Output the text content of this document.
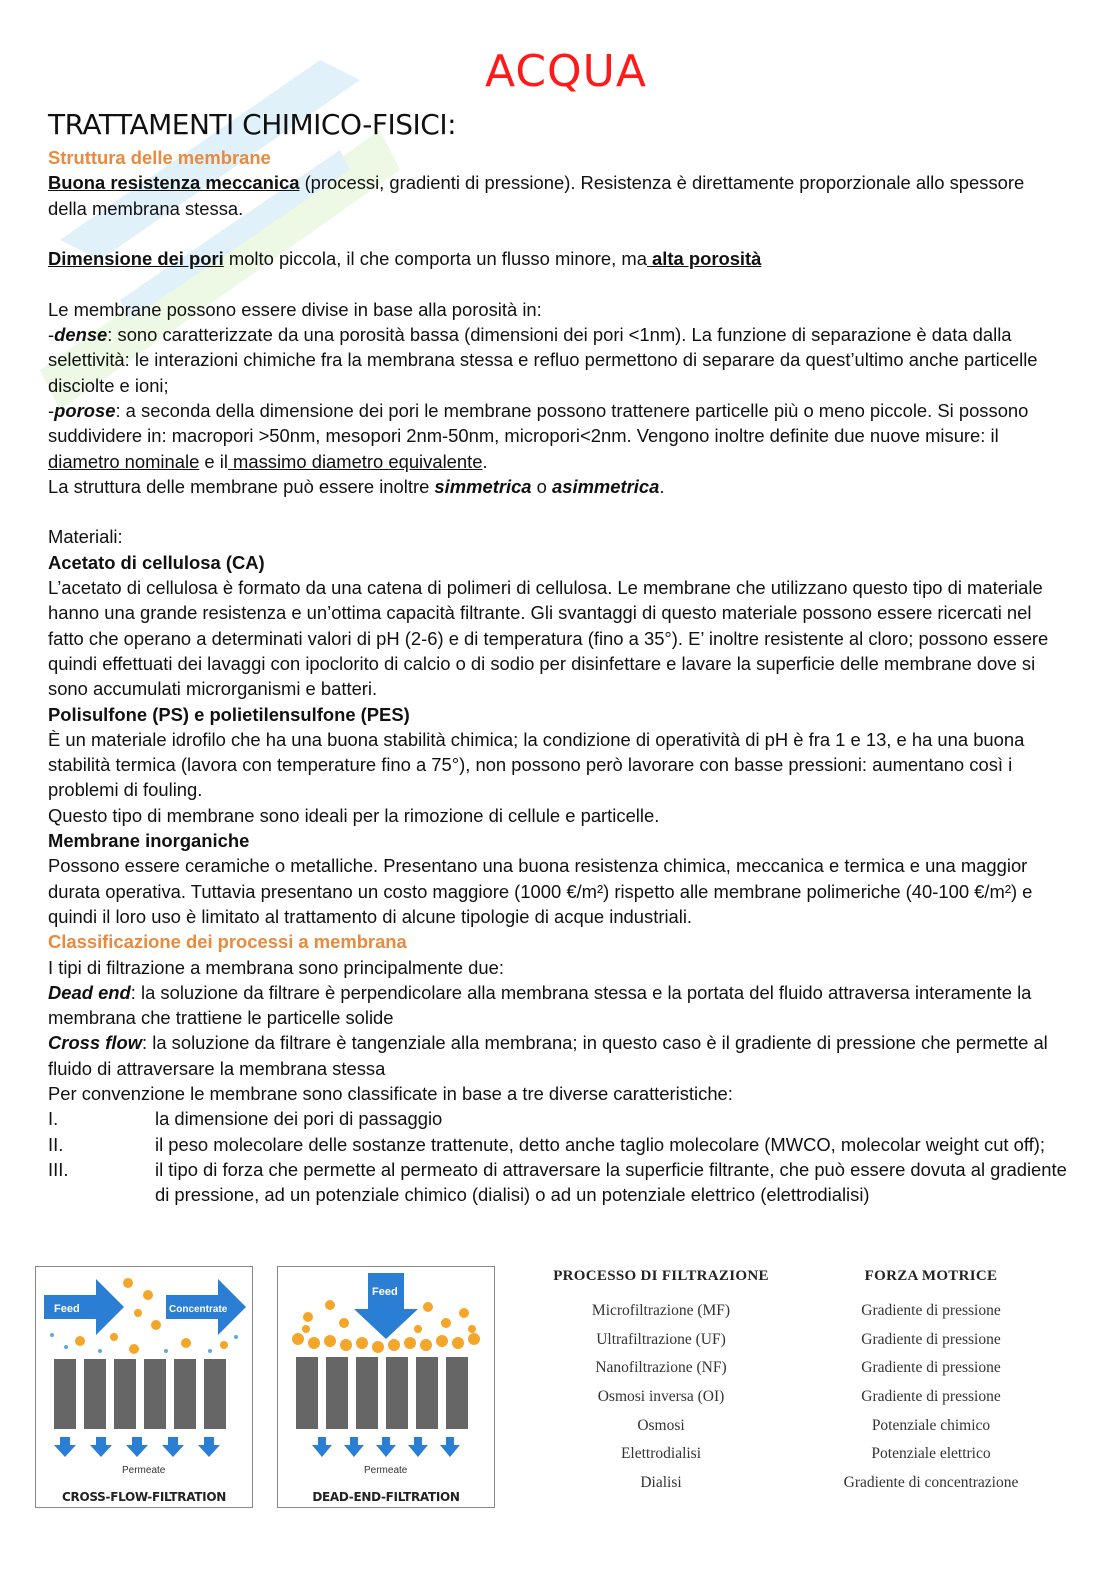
ACQUA
TRATTAMENTI CHIMICO-FISICI:

Struttura delle membrane

Buona resistenza meccanica (processi, gradienti di pressione). Resistenza è direttamente proporzionale allo spessore della membrana stessa.

Dimensione dei pori molto piccola, il che comporta un flusso minore, ma alta porosità

Le membrane possono essere divise in base alla porosità in:

-dense: sono caratterizzate da una porosità bassa (dimensioni dei pori <1nm). La funzione di separazione è data dalla selettività: le interazioni chimiche fra la membrana stessa e refluo permettono di separare da quest’ultimo anche particelle disciolte e ioni;

-porose: a seconda della dimensione dei pori le membrane possono trattenere particelle più o meno piccole. Si possono suddividere in: macropori >50nm, mesopori 2nm-50nm, micropori<2nm. Vengono inoltre definite due nuove misure: il diametro nominale e il massimo diametro equivalente.

La struttura delle membrane può essere inoltre simmetrica o asimmetrica.

Materiali:

Acetato di cellulosa (CA)

L’acetato di cellulosa è formato da una catena di polimeri di cellulosa. Le membrane che utilizzano questo tipo di materiale hanno una grande resistenza e un’ottima capacità filtrante. Gli svantaggi di questo materiale possono essere ricercati nel fatto che operano a determinati valori di pH (2-6) e di temperatura (fino a 35°). E’ inoltre resistente al cloro; possono essere quindi effettuati dei lavaggi con ipoclorito di calcio o di sodio per disinfettare e lavare la superficie delle membrane dove si sono accumulati microrganismi e batteri.

Polisulfone (PS) e polietilensulfone (PES)

È un materiale idrofilo che ha una buona stabilità chimica; la condizione di operatività di pH è fra 1 e 13, e ha una buona stabilità termica (lavora con temperature fino a 75°), non possono però lavorare con basse pressioni: aumentano così i problemi di fouling.

Questo tipo di membrane sono ideali per la rimozione di cellule e particelle.

Membrane inorganiche

Possono essere ceramiche o metalliche. Presentano una buona resistenza chimica, meccanica e termica e una maggior durata operativa. Tuttavia presentano un costo maggiore (1000 €/m²) rispetto alle membrane polimeriche (40-100 €/m²) e quindi il loro uso è limitato al trattamento di alcune tipologie di acque industriali.

Classificazione dei processi a membrana

I tipi di filtrazione a membrana sono principalmente due:

Dead end: la soluzione da filtrare è perpendicolare alla membrana stessa e la portata del fluido attraversa interamente la membrana che trattiene le particelle solide

Cross flow: la soluzione da filtrare è tangenziale alla membrana; in questo caso è il gradiente di pressione che permette al fluido di attraversare la membrana stessa

Per convenzione le membrane sono classificate in base a tre diverse caratteristiche:

I.	la dimensione dei pori di passaggio
II.	il peso molecolare delle sostanze trattenute, detto anche taglio molecolare (MWCO, molecolar weight cut off);
III.	il tipo di forza che permette al permeato di attraversare la superficie filtrante, che può essere dovuta al gradiente di pressione, ad un potenziale chimico (dialisi) o ad un potenziale elettrico (elettrodialisi)
Feed	Concentrate
Permeate
CROSS-FLOW-FILTRATION
Feed
Permeate
DEAD-END-FILTRATION
PROCESSO DI FILTRAZIONE	FORZA MOTRICE
Microfiltrazione (MF)	Gradiente di pressione
Ultrafiltrazione (UF)	Gradiente di pressione
Nanofiltrazione (NF)	Gradiente di pressione
Osmosi inversa (OI)	Gradiente di pressione
Osmosi	Potenziale chimico
Elettrodialisi	Potenziale elettrico
Dialisi	Gradiente di concentrazione
